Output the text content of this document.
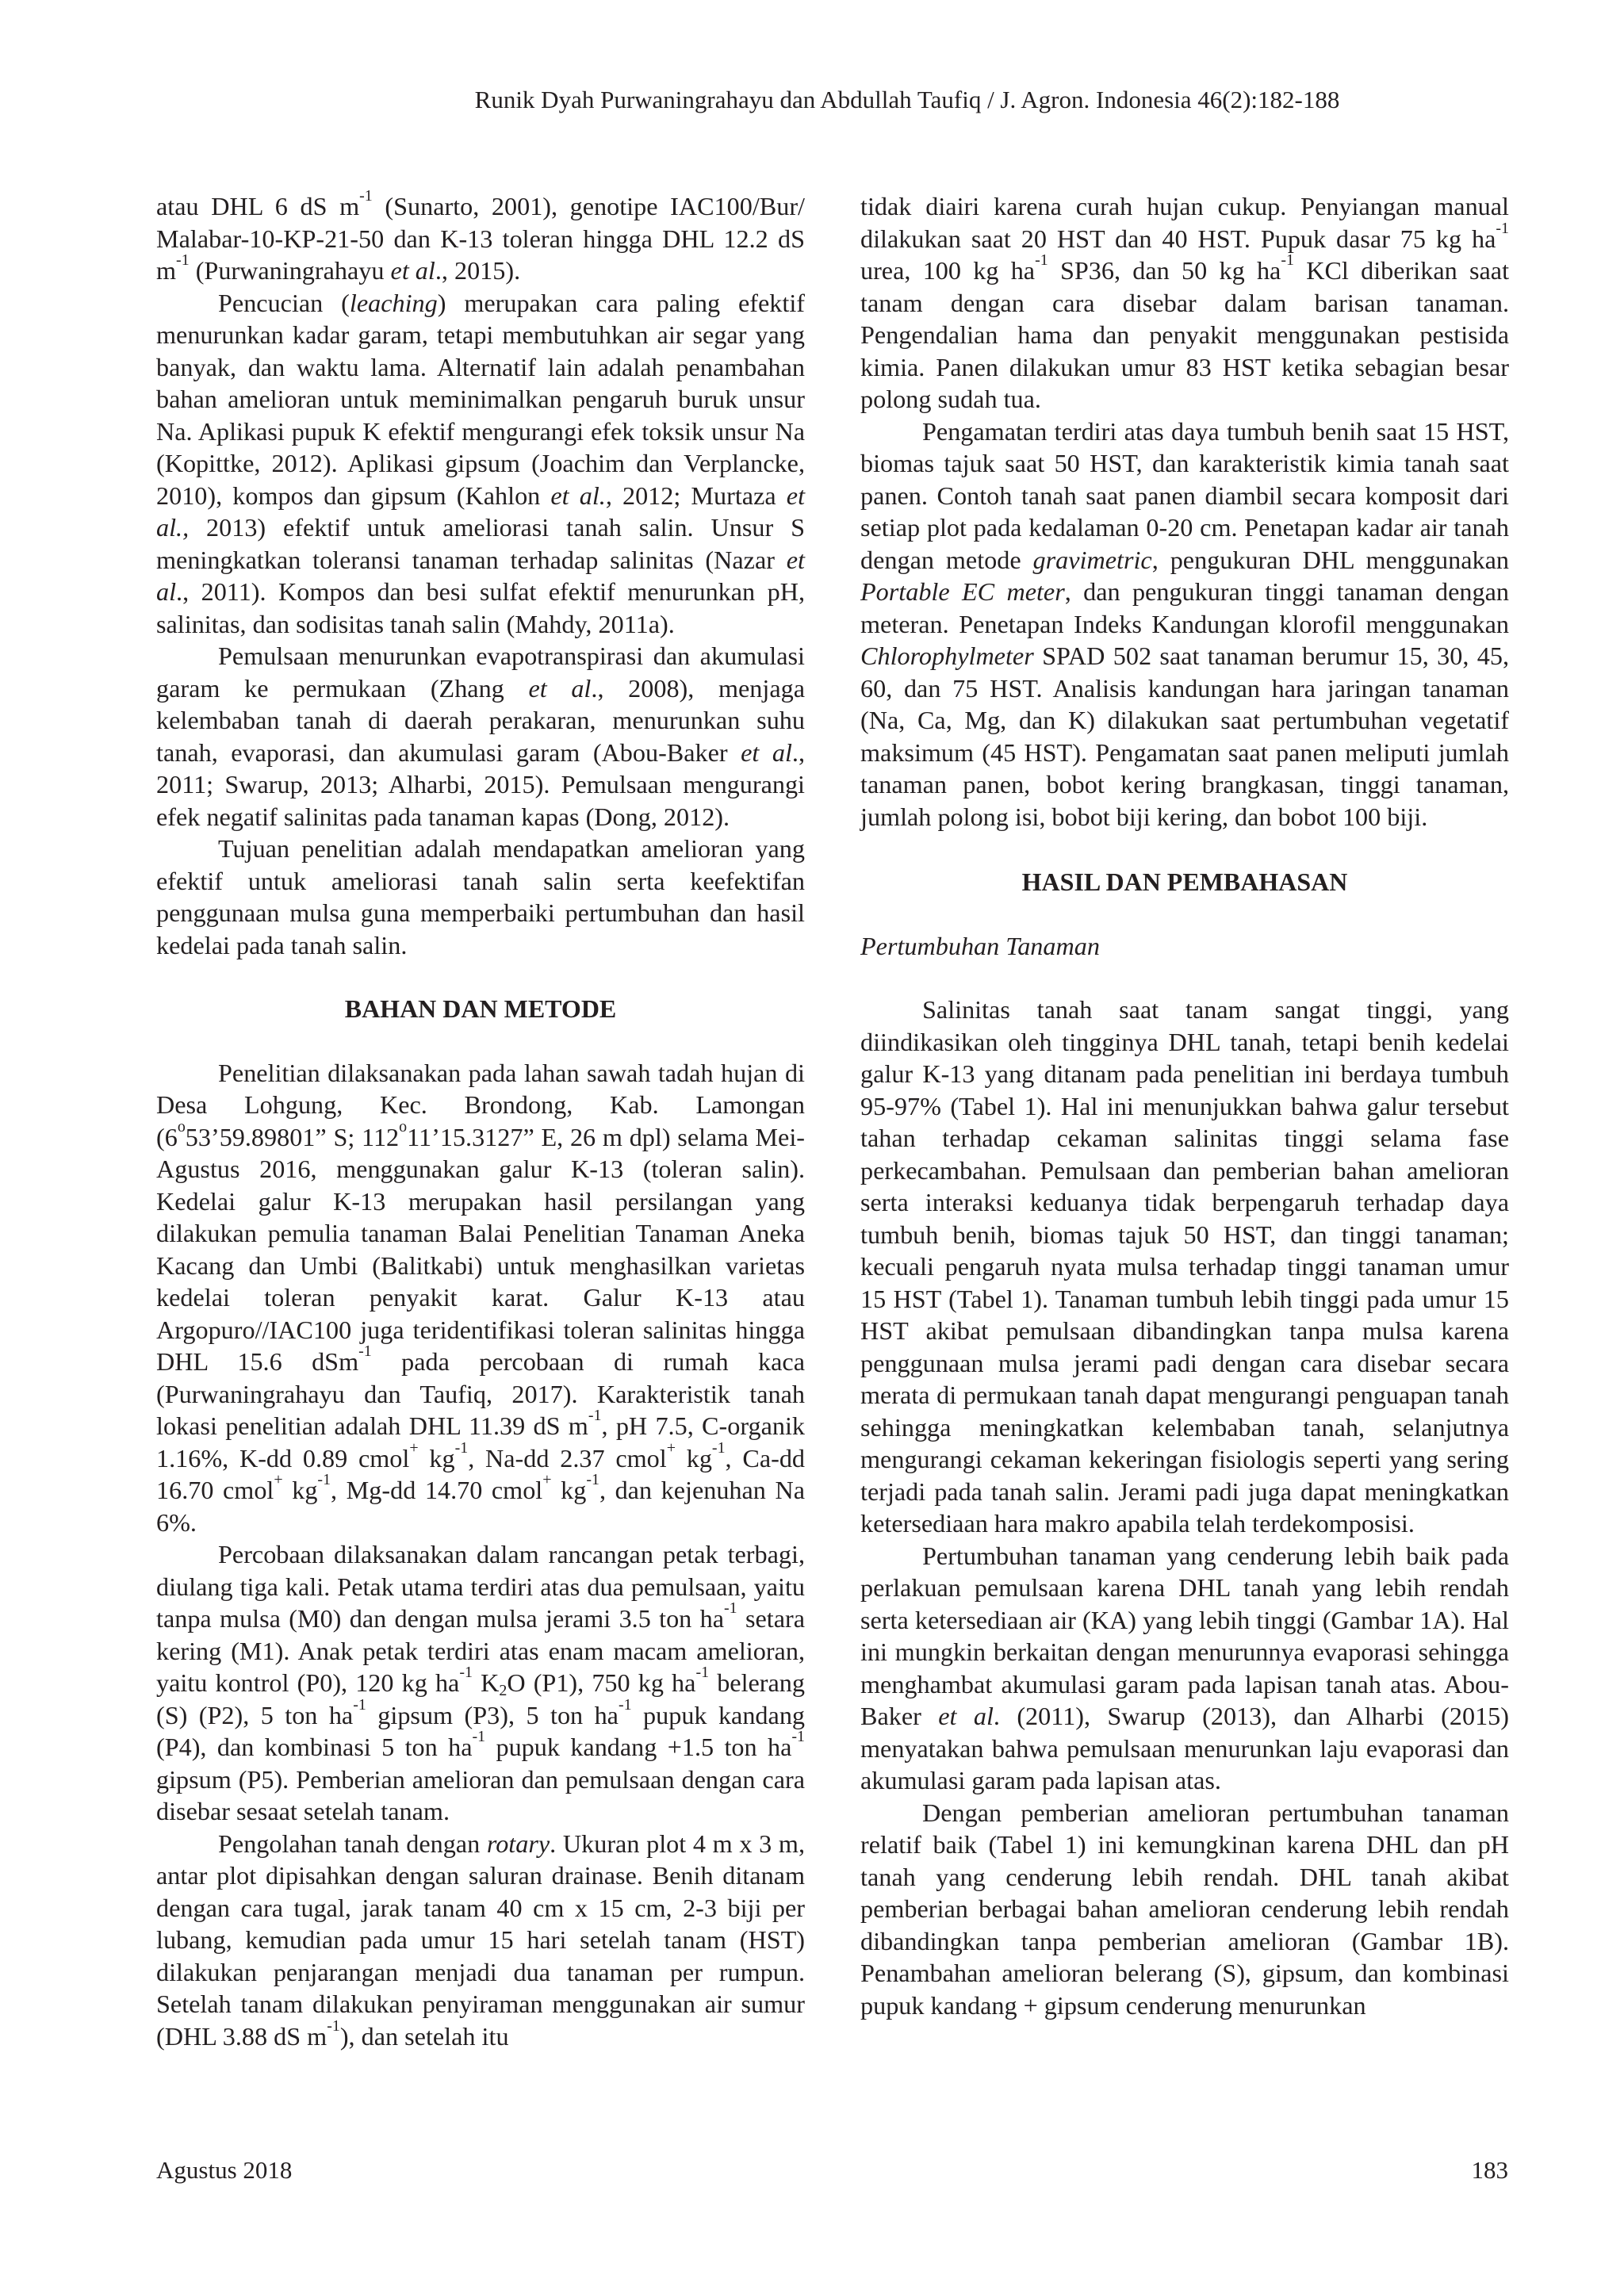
Runik Dyah Purwaningrahayu dan Abdullah Taufiq / J. Agron. Indonesia 46(2):182-188

atau DHL 6 dS $m^{-1}$ (Sunarto, 2001), genotipe IAC100/Bur/ Malabar-10-KP-21-50 dan K-13 toleran hingga DHL 12.2 dS $m^{-1}$ (Purwaningrahayu et al., 2015).

Pencucian (leaching) merupakan cara paling efektif menurunkan kadar garam, tetapi membutuhkan air segar yang banyak, dan waktu lama. Alternatif lain adalah penambahan bahan amelioran untuk meminimalkan pengaruh buruk unsur Na. Aplikasi pupuk K efektif mengurangi efek toksik unsur Na (Kopittke, 2012). Aplikasi gipsum (Joachim dan Verplancke, 2010), kompos dan gipsum (Kahlon et al., 2012; Murtaza et al., 2013) efektif untuk ameliorasi tanah salin. Unsur S meningkatkan toleransi tanaman terhadap salinitas (Nazar et al., 2011). Kompos dan besi sulfat efektif menurunkan pH, salinitas, dan sodisitas tanah salin (Mahdy, 2011a).

Pemulsaan menurunkan evapotranspirasi dan akumulasi garam ke permukaan (Zhang et al., 2008), menjaga kelembaban tanah di daerah perakaran, menurunkan suhu tanah, evaporasi, dan akumulasi garam (Abou-Baker et al., 2011; Swarup, 2013; Alharbi, 2015). Pemulsaan mengurangi efek negatif salinitas pada tanaman kapas (Dong, 2012).

Tujuan penelitian adalah mendapatkan amelioran yang efektif untuk ameliorasi tanah salin serta keefektifan penggunaan mulsa guna memperbaiki pertumbuhan dan hasil kedelai pada tanah salin.

BAHAN DAN METODE

Penelitian dilaksanakan pada lahan sawah tadah hujan di Desa Lohgung, Kec. Brondong, Kab. Lamongan (6$^o$53’59.89801” S; 112$^o$11’15.3127” E, 26 m dpl) selama Mei-Agustus 2016, menggunakan galur K-13 (toleran salin). Kedelai galur K-13 merupakan hasil persilangan yang dilakukan pemulia tanaman Balai Penelitian Tanaman Aneka Kacang dan Umbi (Balitkabi) untuk menghasilkan varietas kedelai toleran penyakit karat. Galur K-13 atau Argopuro//IAC100 juga teridentifikasi toleran salinitas hingga DHL 15.6 dSm$^{-1}$ pada percobaan di rumah kaca (Purwaningrahayu dan Taufiq, 2017). Karakteristik tanah lokasi penelitian adalah DHL 11.39 dS $m^{-1}$, pH 7.5, C-organik 1.16%, K-dd 0.89 cmol+ $kg^{-1}$, Na-dd 2.37 cmol+ $kg^{-1}$, Ca-dd 16.70 cmol+ $kg^{-1}$, Mg-dd 14.70 cmol+ $kg^{-1}$, dan kejenuhan Na 6%.

Percobaan dilaksanakan dalam rancangan petak terbagi, diulang tiga kali. Petak utama terdiri atas dua pemulsaan, yaitu tanpa mulsa (M0) dan dengan mulsa jerami 3.5 ton $ha^{-1}$ setara kering (M1). Anak petak terdiri atas enam macam amelioran, yaitu kontrol (P0), 120 kg $ha^{-1}$ $K_2O$ (P1), 750 kg $ha^{-1}$ belerang (S) (P2), 5 ton $ha^{-1}$ gipsum (P3), 5 ton $ha^{-1}$ pupuk kandang (P4), dan kombinasi 5 ton $ha^{-1}$ pupuk kandang +1.5 ton $ha^{-1}$ gipsum (P5). Pemberian amelioran dan pemulsaan dengan cara disebar sesaat setelah tanam.

Pengolahan tanah dengan rotary. Ukuran plot 4 m x 3 m, antar plot dipisahkan dengan saluran drainase. Benih ditanam dengan cara tugal, jarak tanam 40 cm x 15 cm, 2-3 biji per lubang, kemudian pada umur 15 hari setelah tanam (HST) dilakukan penjarangan menjadi dua tanaman per rumpun. Setelah tanam dilakukan penyiraman menggunakan air sumur (DHL 3.88 dS $m^{-1}$), dan setelah itu

tidak diairi karena curah hujan cukup. Penyiangan manual dilakukan saat 20 HST dan 40 HST. Pupuk dasar 75 kg $ha^{-1}$ urea, 100 kg $ha^{-1}$ SP36, dan 50 kg $ha^{-1}$ KCl diberikan saat tanam dengan cara disebar dalam barisan tanaman. Pengendalian hama dan penyakit menggunakan pestisida kimia. Panen dilakukan umur 83 HST ketika sebagian besar polong sudah tua.

Pengamatan terdiri atas daya tumbuh benih saat 15 HST, biomas tajuk saat 50 HST, dan karakteristik kimia tanah saat panen. Contoh tanah saat panen diambil secara komposit dari setiap plot pada kedalaman 0-20 cm. Penetapan kadar air tanah dengan metode gravimetric, pengukuran DHL menggunakan Portable EC meter, dan pengukuran tinggi tanaman dengan meteran. Penetapan Indeks Kandungan klorofil menggunakan Chlorophylmeter SPAD 502 saat tanaman berumur 15, 30, 45, 60, dan 75 HST. Analisis kandungan hara jaringan tanaman (Na, Ca, Mg, dan K) dilakukan saat pertumbuhan vegetatif maksimum (45 HST). Pengamatan saat panen meliputi jumlah tanaman panen, bobot kering brangkasan, tinggi tanaman, jumlah polong isi, bobot biji kering, dan bobot 100 biji.

HASIL DAN PEMBAHASAN

Pertumbuhan Tanaman

Salinitas tanah saat tanam sangat tinggi, yang diindikasikan oleh tingginya DHL tanah, tetapi benih kedelai galur K-13 yang ditanam pada penelitian ini berdaya tumbuh 95-97% (Tabel 1). Hal ini menunjukkan bahwa galur tersebut tahan terhadap cekaman salinitas tinggi selama fase perkecambahan. Pemulsaan dan pemberian bahan amelioran serta interaksi keduanya tidak berpengaruh terhadap daya tumbuh benih, biomas tajuk 50 HST, dan tinggi tanaman; kecuali pengaruh nyata mulsa terhadap tinggi tanaman umur 15 HST (Tabel 1). Tanaman tumbuh lebih tinggi pada umur 15 HST akibat pemulsaan dibandingkan tanpa mulsa karena penggunaan mulsa jerami padi dengan cara disebar secara merata di permukaan tanah dapat mengurangi penguapan tanah sehingga meningkatkan kelembaban tanah, selanjutnya mengurangi cekaman kekeringan fisiologis seperti yang sering terjadi pada tanah salin. Jerami padi juga dapat meningkatkan ketersediaan hara makro apabila telah terdekomposisi.

Pertumbuhan tanaman yang cenderung lebih baik pada perlakuan pemulsaan karena DHL tanah yang lebih rendah serta ketersediaan air (KA) yang lebih tinggi (Gambar 1A). Hal ini mungkin berkaitan dengan menurunnya evaporasi sehingga menghambat akumulasi garam pada lapisan tanah atas. Abou-Baker et al. (2011), Swarup (2013), dan Alharbi (2015) menyatakan bahwa pemulsaan menurunkan laju evaporasi dan akumulasi garam pada lapisan atas.

Dengan pemberian amelioran pertumbuhan tanaman relatif baik (Tabel 1) ini kemungkinan karena DHL dan pH tanah yang cenderung lebih rendah. DHL tanah akibat pemberian berbagai bahan amelioran cenderung lebih rendah dibandingkan tanpa pemberian amelioran (Gambar 1B). Penambahan amelioran belerang (S), gipsum, dan kombinasi pupuk kandang + gipsum cenderung menurunkan

Agustus 2018	183
